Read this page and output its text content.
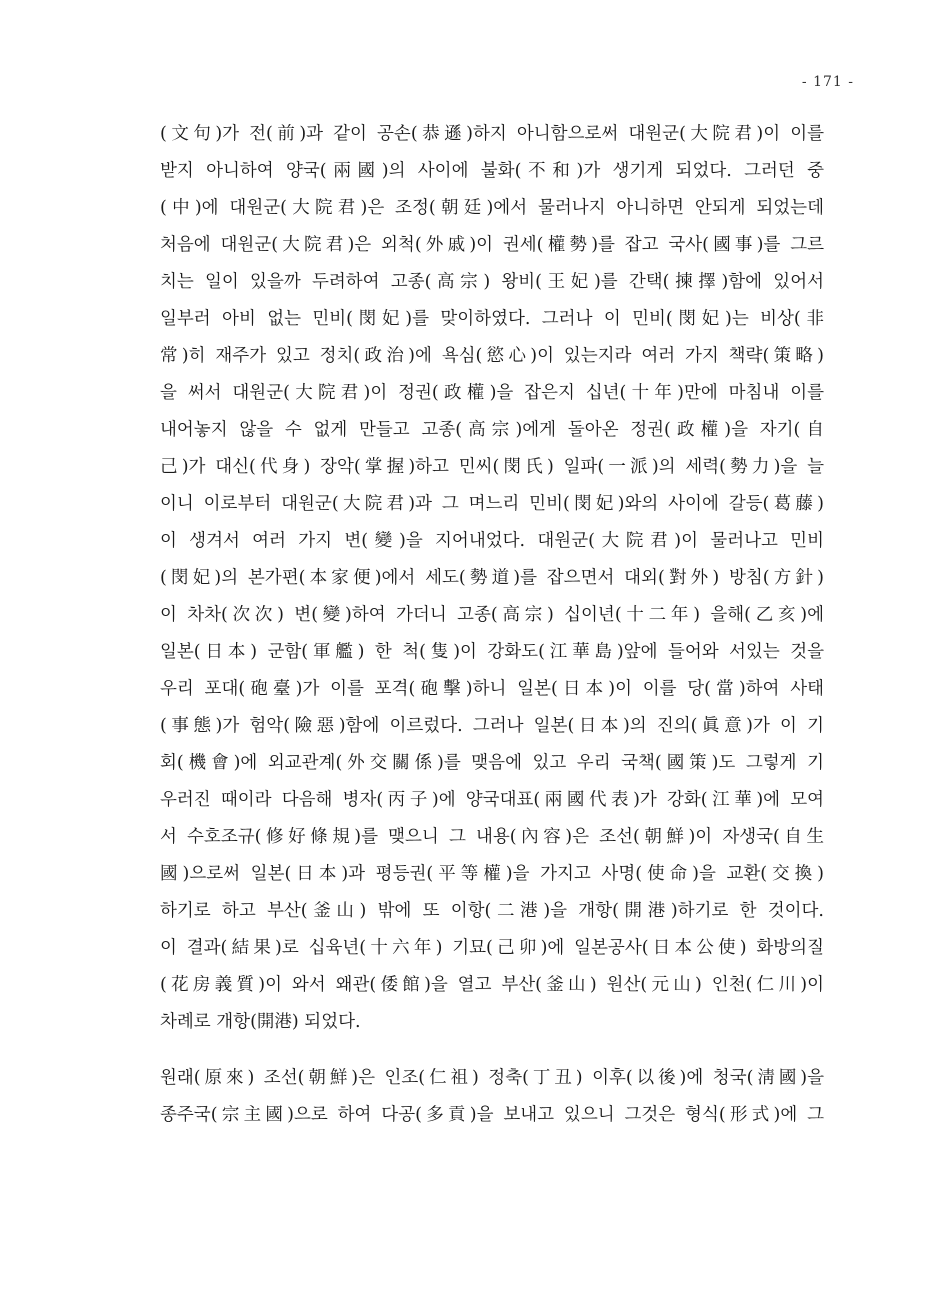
- 171 -
(文句)가 전(前)과 같이 공손(恭遜)하지 아니함으로써 대원군(大院君)이 이를
받지 아니하여 양국(兩國)의 사이에 불화(不和)가 생기게 되었다. 그러던 중
(中)에 대원군(大院君)은 조정(朝廷)에서 물러나지 아니하면 안되게 되었는데
처음에 대원군(大院君)은 외척(外戚)이 권세(權勢)를 잡고 국사(國事)를 그르
치는 일이 있을까 두려하여 고종(高宗) 왕비(王妃)를 간택(揀擇)함에 있어서
일부러 아비 없는 민비(閔妃)를 맞이하였다. 그러나 이 민비(閔妃)는 비상(非
常)히 재주가 있고 정치(政治)에 욕심(慾心)이 있는지라 여러 가지 책략(策略)
을 써서 대원군(大院君)이 정권(政權)을 잡은지 십년(十年)만에 마침내 이를
내어놓지 않을 수 없게 만들고 고종(高宗)에게 돌아온 정권(政權)을 자기(自
己)가 대신(代身) 장악(掌握)하고 민씨(閔氏) 일파(一派)의 세력(勢力)을 늘
이니 이로부터 대원군(大院君)과 그 며느리 민비(閔妃)와의 사이에 갈등(葛藤)
이 생겨서 여러 가지 변(變)을 지어내었다. 대원군(大院君)이 물러나고 민비
(閔妃)의 본가편(本家便)에서 세도(勢道)를 잡으면서 대외(對外) 방침(方針)
이 차차(次次) 변(變)하여 가더니 고종(高宗) 십이년(十二年) 을해(乙亥)에
일본(日本) 군함(軍艦) 한 척(隻)이 강화도(江華島)앞에 들어와 서있는 것을
우리 포대(砲臺)가 이를 포격(砲擊)하니 일본(日本)이 이를 당(當)하여 사태
(事態)가 험악(險惡)함에 이르렀다. 그러나 일본(日本)의 진의(眞意)가 이 기
회(機會)에 외교관계(外交關係)를 맺음에 있고 우리 국책(國策)도 그렇게 기
우러진 때이라 다음해 병자(丙子)에 양국대표(兩國代表)가 강화(江華)에 모여
서 수호조규(修好條規)를 맺으니 그 내용(內容)은 조선(朝鮮)이 자생국(自生
國)으로써 일본(日本)과 평등권(平等權)을 가지고 사명(使命)을 교환(交換)
하기로 하고 부산(釜山) 밖에 또 이항(二港)을 개항(開港)하기로 한 것이다.
이 결과(結果)로 십육년(十六年) 기묘(己卯)에 일본공사(日本公使) 화방의질
(花房義質)이 와서 왜관(倭館)을 열고 부산(釜山) 원산(元山) 인천(仁川)이
차례로 개항(開港) 되었다.
원래(原來) 조선(朝鮮)은 인조(仁祖) 정축(丁丑) 이후(以後)에 청국(淸國)을
종주국(宗主國)으로 하여 다공(多貢)을 보내고 있으니 그것은 형식(形式)에 그
